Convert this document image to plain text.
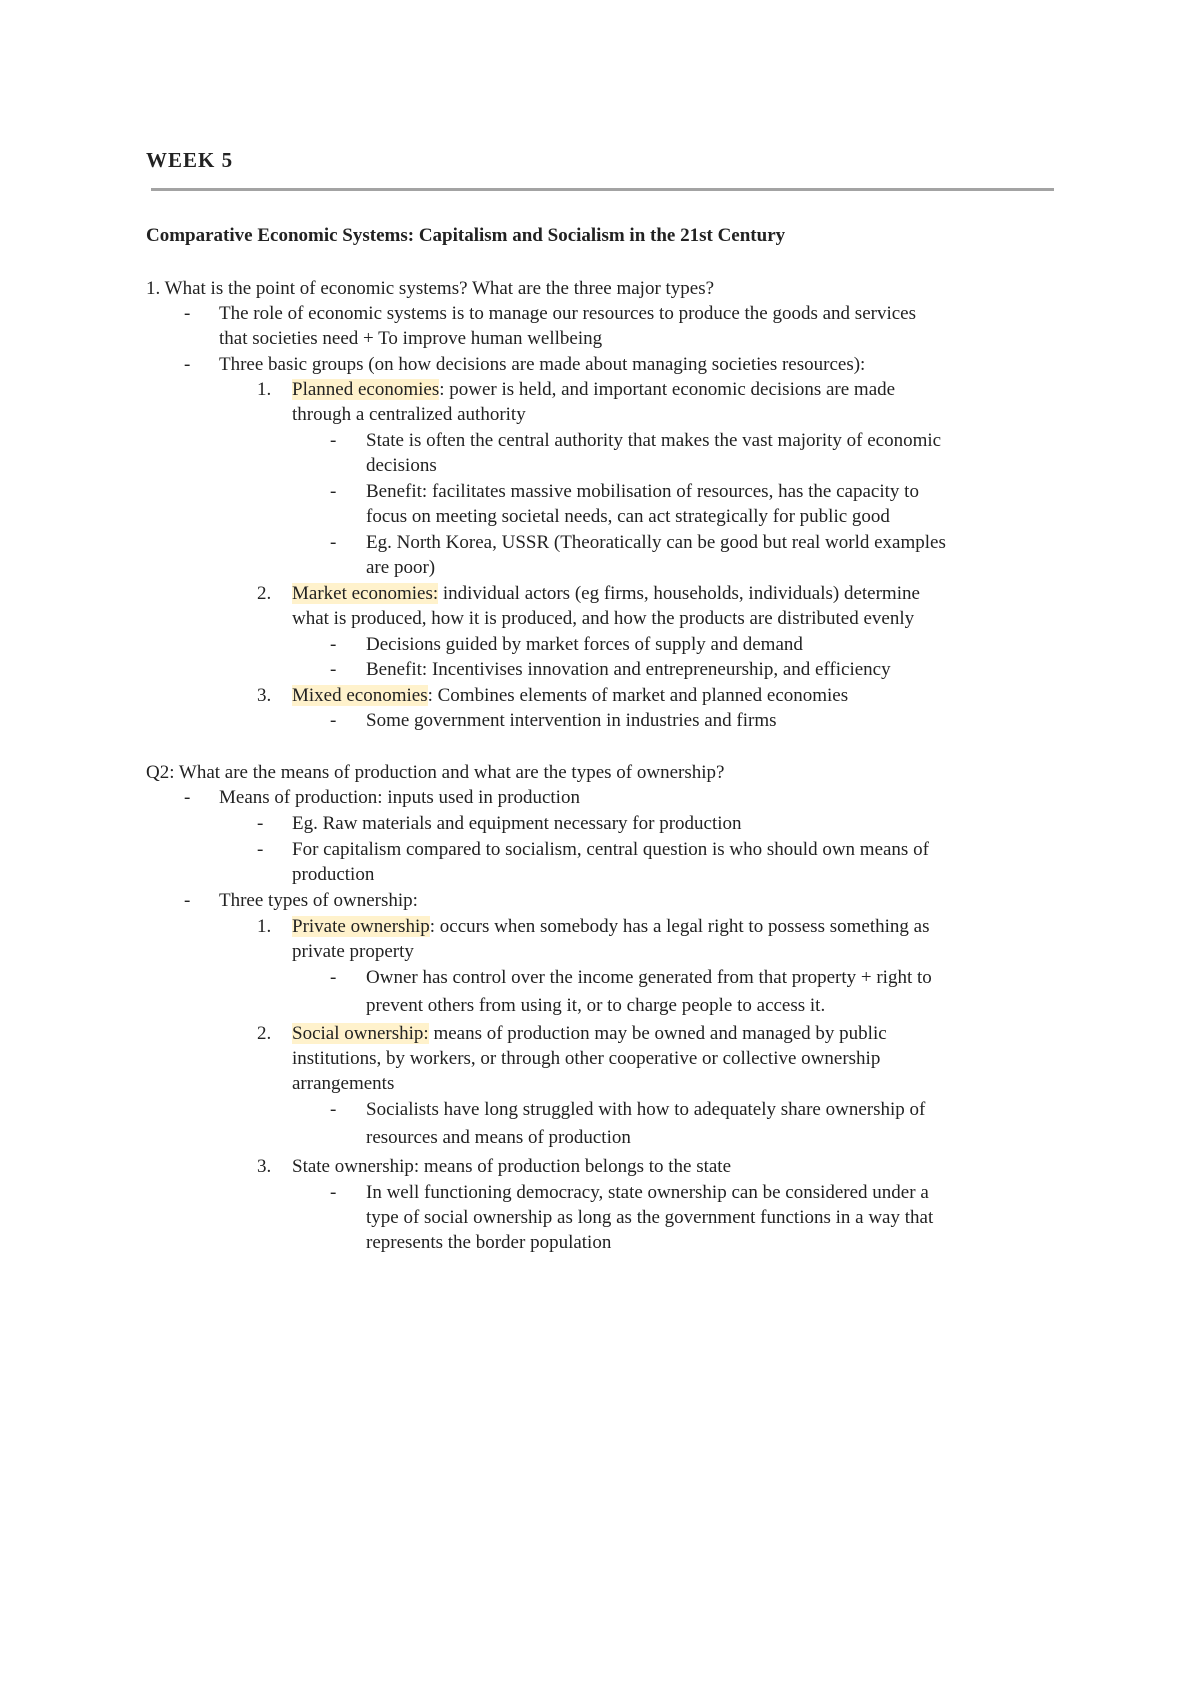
WEEK 5
Comparative Economic Systems: Capitalism and Socialism in the 21st Century
1. What is the point of economic systems? What are the three major types?
- The role of economic systems is to manage our resources to produce the goods and services
that societies need + To improve human wellbeing
- Three basic groups (on how decisions are made about managing societies resources):
1. Planned economies: power is held, and important economic decisions are made
through a centralized authority
- State is often the central authority that makes the vast majority of economic
decisions
- Benefit: facilitates massive mobilisation of resources, has the capacity to
focus on meeting societal needs, can act strategically for public good
- Eg. North Korea, USSR (Theoratically can be good but real world examples
are poor)
2. Market economies: individual actors (eg firms, households, individuals) determine
what is produced, how it is produced, and how the products are distributed evenly
- Decisions guided by market forces of supply and demand
- Benefit: Incentivises innovation and entrepreneurship, and efficiency
3. Mixed economies: Combines elements of market and planned economies
- Some government intervention in industries and firms
Q2: What are the means of production and what are the types of ownership?
- Means of production: inputs used in production
- Eg. Raw materials and equipment necessary for production
- For capitalism compared to socialism, central question is who should own means of
production
- Three types of ownership:
1. Private ownership: occurs when somebody has a legal right to possess something as
private property
- Owner has control over the income generated from that property + right to
prevent others from using it, or to charge people to access it.
2. Social ownership: means of production may be owned and managed by public
institutions, by workers, or through other cooperative or collective ownership
arrangements
- Socialists have long struggled with how to adequately share ownership of
resources and means of production
3. State ownership: means of production belongs to the state
- In well functioning democracy, state ownership can be considered under a
type of social ownership as long as the government functions in a way that
represents the border population
